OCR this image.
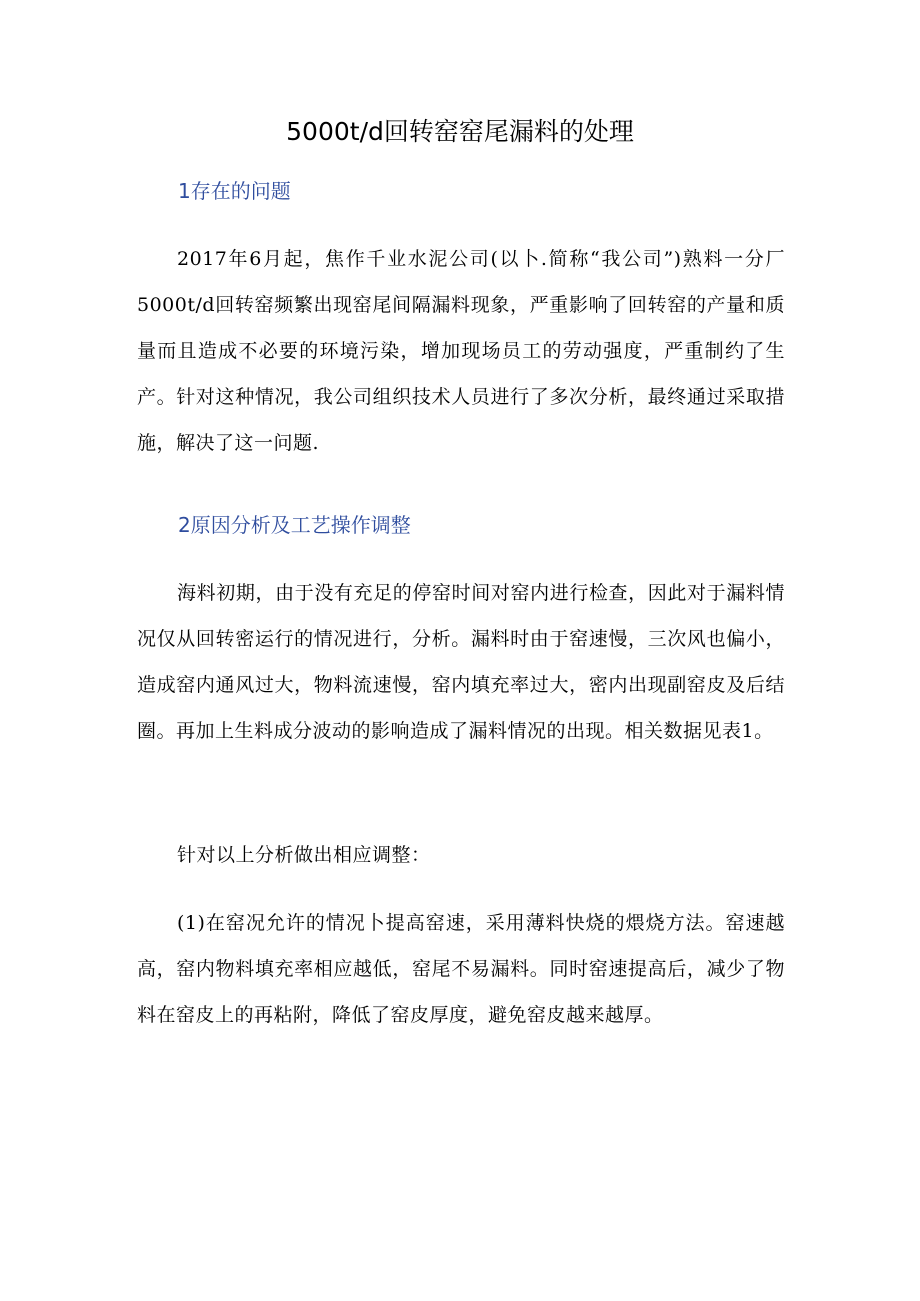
5000t/d回转窑窑尾漏料的处理
1存在的问题

2017年6月起，焦作千业水泥公司(以卜.简称“我公司”)熟料一分厂5000t/d回转窑频繁出现窑尾间隔漏料现象，严重影响了回转窑的产量和质量而且造成不必要的环境污染，增加现场员工的劳动强度，严重制约了生产。针对这种情况，我公司组织技术人员进行了多次分析，最终通过采取措施，解决了这一问题.

2原因分析及工艺操作调整

海料初期，由于没有充足的停窑时间对窑内进行检查，因此对于漏料情况仅从回转密运行的情况进行，分析。漏料时由于窑速慢，三次风也偏小，造成窑内通风过大，物料流速慢，窑内填充率过大，密内出现副窑皮及后结圈。再加上生料成分波动的影响造成了漏料情况的出现。相关数据见表1。

针对以上分析做出相应调整：

(1)在窑况允许的情况卜提高窑速，采用薄料快烧的煨烧方法。窑速越高，窑内物料填充率相应越低，窑尾不易漏料。同时窑速提高后，减少了物料在窑皮上的再粘附，降低了窑皮厚度，避免窑皮越来越厚。
